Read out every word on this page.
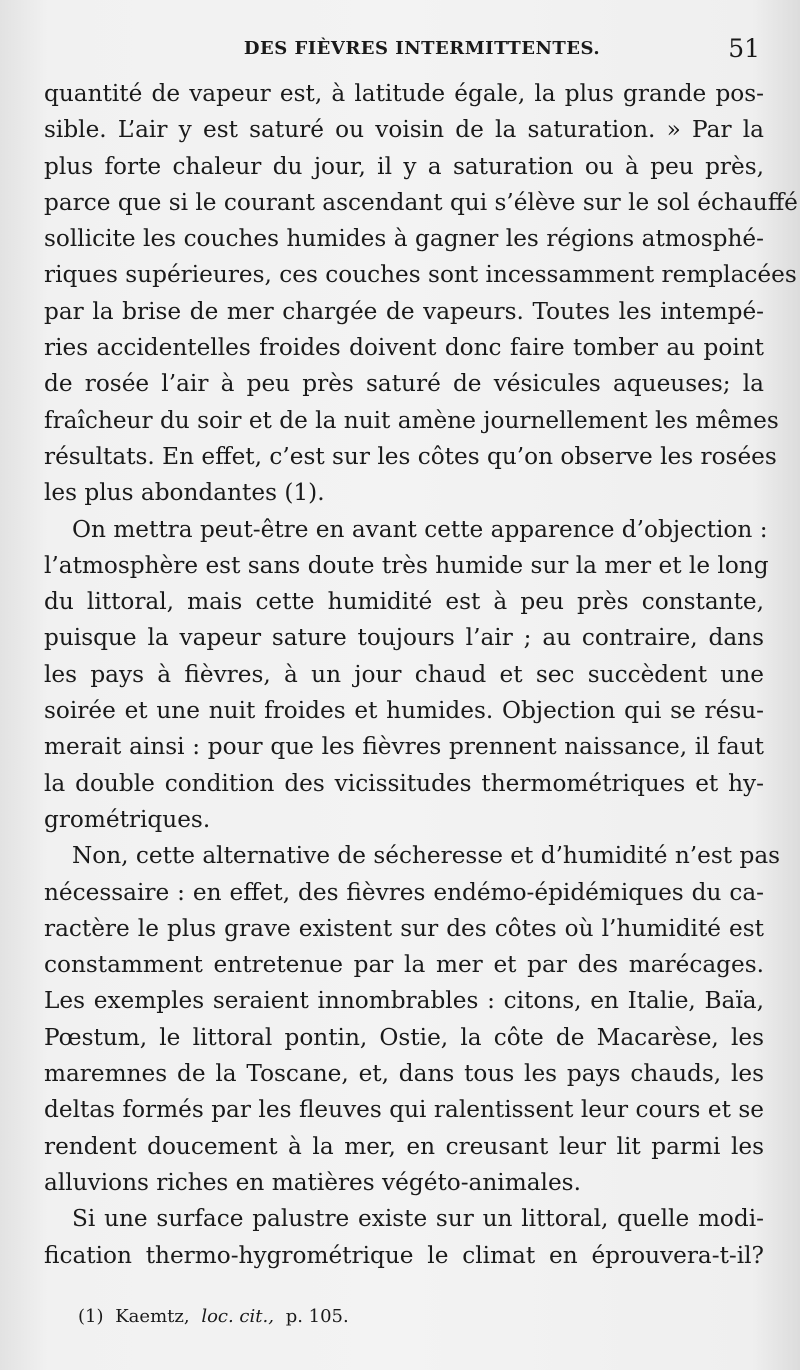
DES FIÈVRES INTERMITTENTES.	51
quantité de vapeur est, à latitude égale, la plus grande pos-
sible. L’air y est saturé ou voisin de la saturation. » Par la
plus forte chaleur du jour, il y a saturation ou à peu près,
parce que si le courant ascendant qui s’élève sur le sol échauffé
sollicite les couches humides à gagner les régions atmosphé-
riques supérieures, ces couches sont incessamment remplacées
par la brise de mer chargée de vapeurs. Toutes les intempé-
ries accidentelles froides doivent donc faire tomber au point
de rosée l’air à peu près saturé de vésicules aqueuses; la
fraîcheur du soir et de la nuit amène journellement les mêmes
résultats. En effet, c’est sur les côtes qu’on observe les rosées
les plus abondantes (1).
On mettra peut-être en avant cette apparence d’objection :
l’atmosphère est sans doute très humide sur la mer et le long
du littoral, mais cette humidité est à peu près constante,
puisque la vapeur sature toujours l’air ; au contraire, dans
les pays à fièvres, à un jour chaud et sec succèdent une
soirée et une nuit froides et humides. Objection qui se résu-
merait ainsi : pour que les fièvres prennent naissance, il faut
la double condition des vicissitudes thermométriques et hy-
grométriques.
Non, cette alternative de sécheresse et d’humidité n’est pas
nécessaire : en effet, des fièvres endémo-épidémiques du ca-
ractère le plus grave existent sur des côtes où l’humidité est
constamment entretenue par la mer et par des marécages.
Les exemples seraient innombrables : citons, en Italie, Baïa,
Pœstum, le littoral pontin, Ostie, la côte de Macarèse, les
maremnes de la Toscane, et, dans tous les pays chauds, les
deltas formés par les fleuves qui ralentissent leur cours et se
rendent doucement à la mer, en creusant leur lit parmi les
alluvions riches en matières végéto-animales.
Si une surface palustre existe sur un littoral, quelle modi-
fication thermo-hygrométrique le climat en éprouvera-t-il?
(1) Kaemtz, loc. cit., p. 105.
